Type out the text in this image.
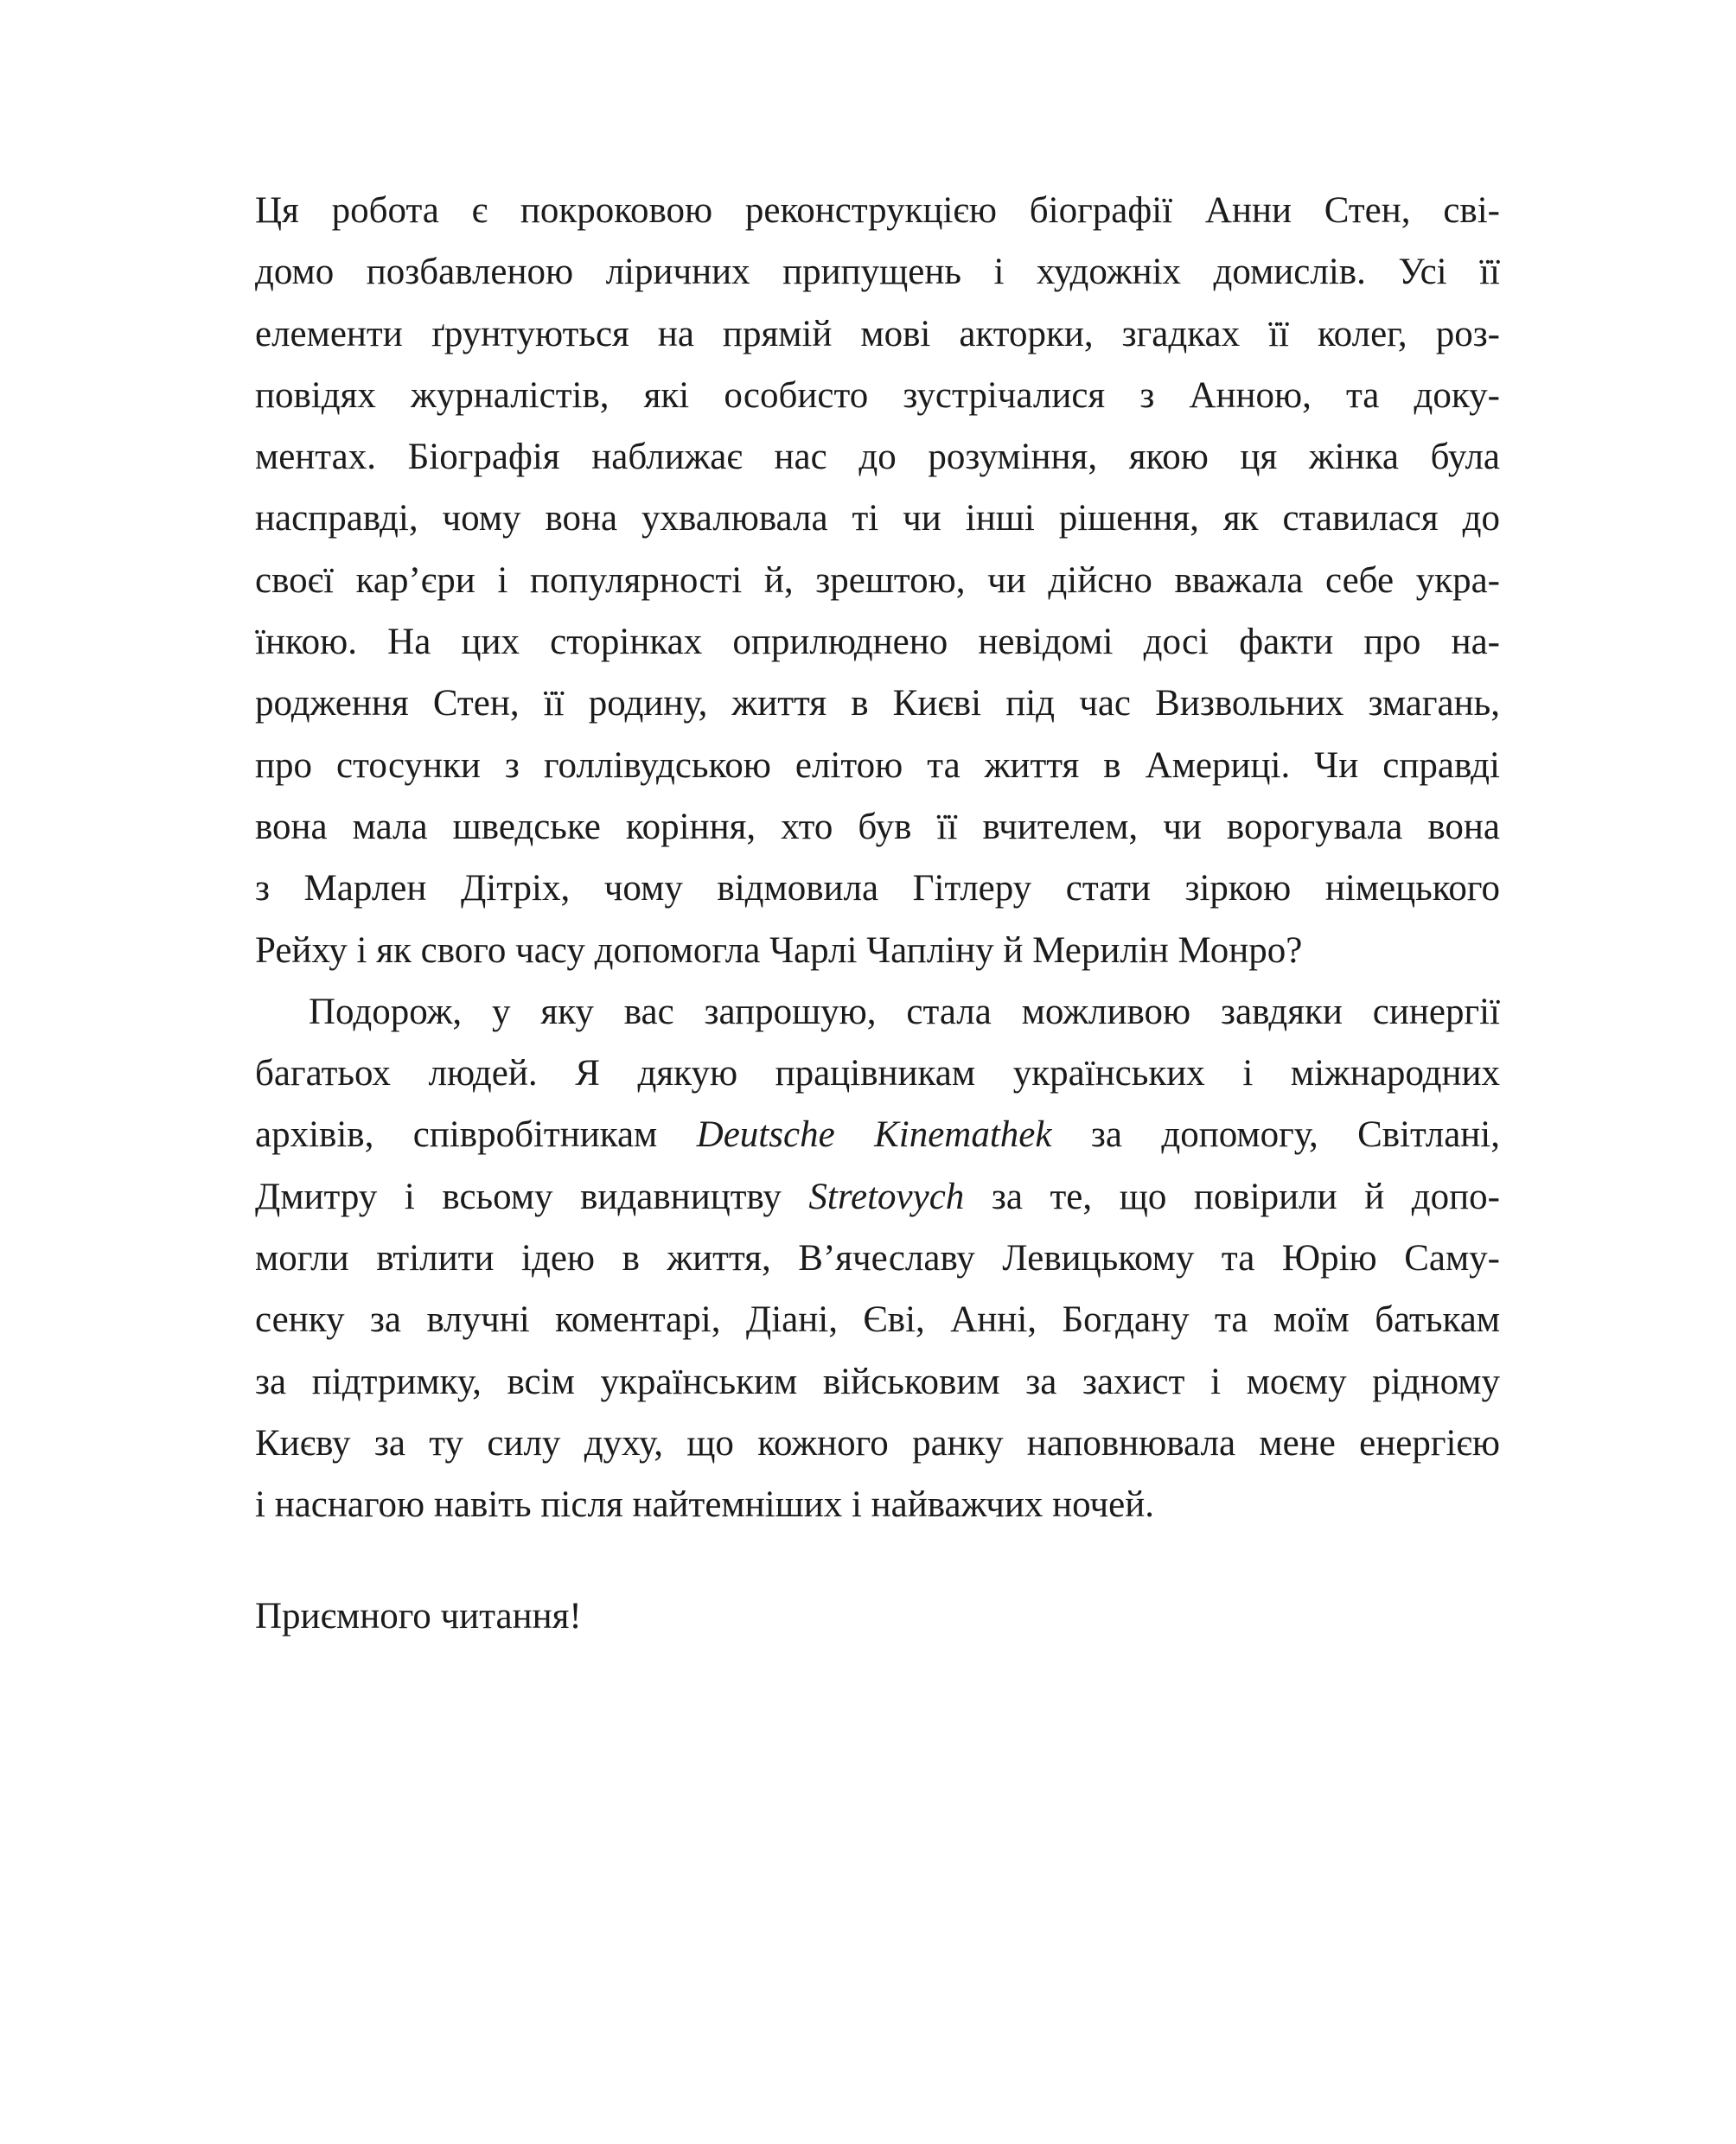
Ця робота є покроковою реконструкцією біографії Анни Стен, сві-
домо позбавленою ліричних припущень і художніх домислів. Усі її
елементи ґрунтуються на прямій мові акторки, згадках її колег, роз-
повідях журналістів, які особисто зустрічалися з Анною, та доку-
ментах. Біографія наближає нас до розуміння, якою ця жінка була
насправді, чому вона ухвалювала ті чи інші рішення, як ставилася до
своєї кар’єри і популярності й, зрештою, чи дійсно вважала себе укра-
їнкою. На цих сторінках оприлюднено невідомі досі факти про на-
родження Стен, її родину, життя в Києві під час Визвольних змагань,
про стосунки з голлівудською елітою та життя в Америці. Чи справді
вона мала шведське коріння, хто був її вчителем, чи ворогувала вона
з Марлен Дітріх, чому відмовила Гітлеру стати зіркою німецького
Рейху і як свого часу допомогла Чарлі Чапліну й Мерилін Монро?
Подорож, у яку вас запрошую, стала можливою завдяки синергії
багатьох людей. Я дякую працівникам українських і міжнародних
архівів, співробітникам Deutsche Kinemathek за допомогу, Світлані,
Дмитру і всьому видавництву Stretovych за те, що повірили й допо-
могли втілити ідею в життя, В’ячеславу Левицькому та Юрію Саму-
сенку за влучні коментарі, Діані, Єві, Анні, Богдану та моїм батькам
за підтримку, всім українським військовим за захист і моєму рідному
Києву за ту силу духу, що кожного ранку наповнювала мене енергією
і наснагою навіть після найтемніших і найважчих ночей.
Приємного читання!
